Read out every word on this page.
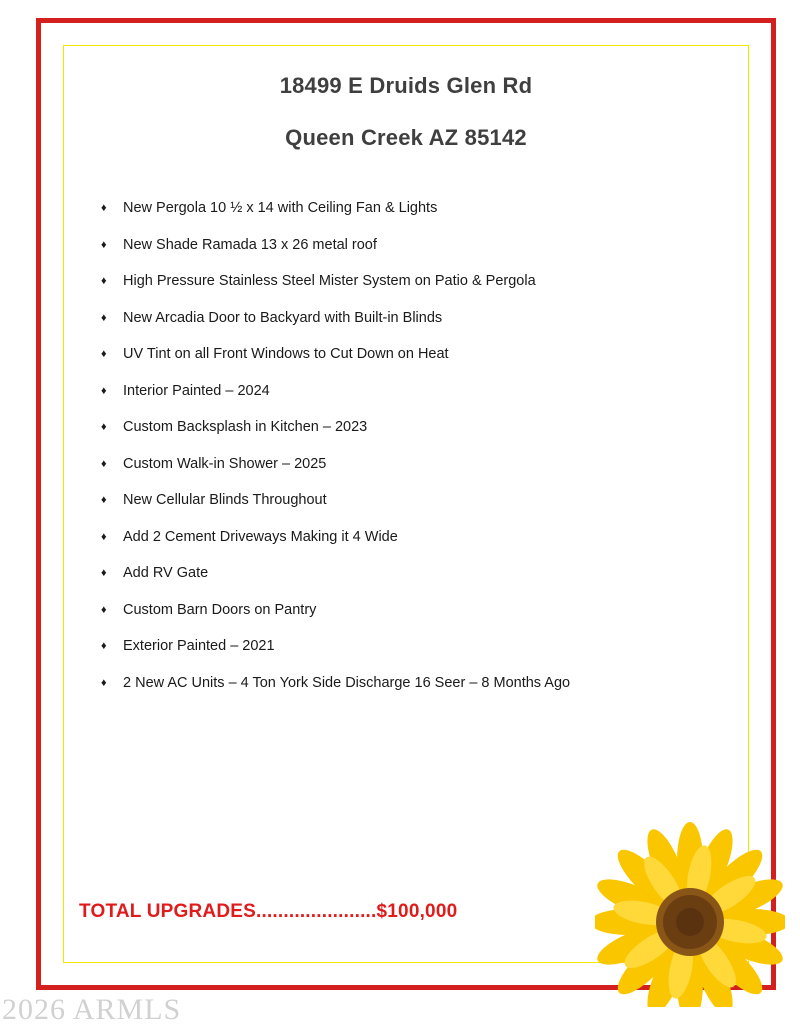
18499 E Druids Glen Rd
Queen Creek AZ 85142
♦ New Pergola 10 ½ x 14 with Ceiling Fan & Lights
♦ New Shade Ramada 13 x 26 metal roof
♦ High Pressure Stainless Steel Mister System on Patio & Pergola
♦ New Arcadia Door to Backyard with Built-in Blinds
♦ UV Tint on all Front Windows to Cut Down on Heat
♦ Interior Painted – 2024
♦ Custom Backsplash in Kitchen – 2023
♦ Custom Walk-in Shower – 2025
♦ New Cellular Blinds Throughout
♦ Add 2 Cement Driveways Making it 4 Wide
♦ Add RV Gate
♦ Custom Barn Doors on Pantry
♦ Exterior Painted – 2021
♦ 2 New AC Units – 4 Ton York Side Discharge 16 Seer – 8 Months Ago
TOTAL UPGRADES......................$100,000
2026 ARMLS
